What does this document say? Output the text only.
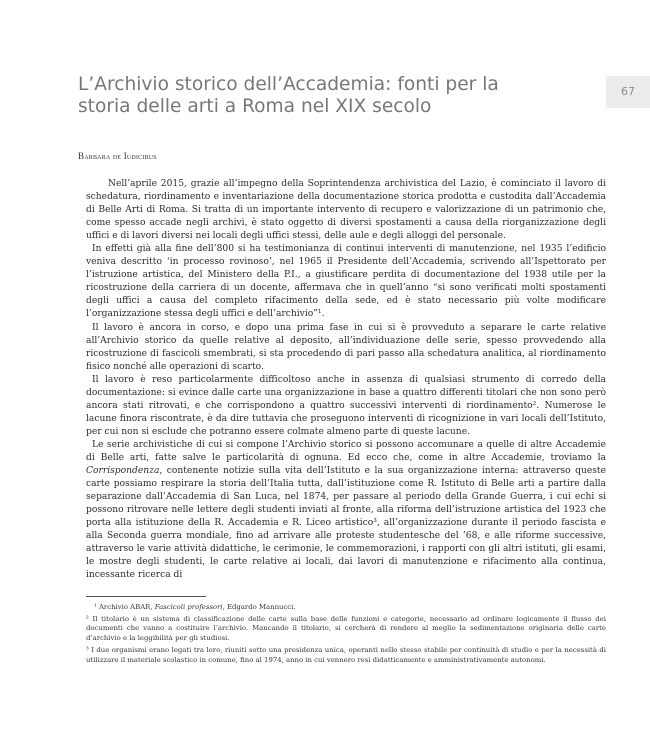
67
L’Archivio storico dell’Accademia: fonti per la
storia delle arti a Roma nel XIX secolo
Barbara de Iudicibus

Nell’aprile 2015, grazie all’impegno della Soprintendenza archivistica del Lazio, è cominciato il lavoro di schedatura, riordinamento e inventariazione della documentazione storica prodotta e custodita dall’Accademia di Belle Arti di Roma. Si tratta di un importante intervento di recupero e valorizzazione di un patrimonio che, come spesso accade negli archivi, è stato oggetto di diversi spostamenti a causa della riorganizzazione degli uffici e di lavori diversi nei locali degli uffici stessi, delle aule e degli alloggi del personale.

In effetti già alla fine dell’800 si ha testimonianza di continui interventi di manutenzione, nel 1935 l’edificio veniva descritto ‘in processo rovinoso’, nel 1965 il Presidente dell’Accademia, scrivendo all’Ispettorato per l’istruzione artistica, del Ministero della P.I., a giustificare perdita di documentazione del 1938 utile per la ricostruzione della carriera di un docente, affermava che in quell’anno “si sono verificati molti spostamenti degli uffici a causa del completo rifacimento della sede, ed è stato necessario più volte modificare l’organizzazione stessa degli uffici e dell’archivio”¹.

Il lavoro è ancora in corso, e dopo una prima fase in cui si è provveduto a separare le carte relative all’Archivio storico da quelle relative al deposito, all’individuazione delle serie, spesso provvedendo alla ricostruzione di fascicoli smembrati, si sta procedendo di pari passo alla schedatura analitica, al riordinamento fisico nonché alle operazioni di scarto.

Il lavoro è reso particolarmente difficoltoso anche in assenza di qualsiasi strumento di corredo della documentazione: si evince dalle carte una organizzazione in base a quattro differenti titolari che non sono però ancora stati ritrovati, e che corrispondono a quattro successivi interventi di riordinamento². Numerose le lacune finora riscontrate, è da dire tuttavia che proseguono interventi di ricognizione in vari locali dell’Istituto, per cui non si esclude che potranno essere colmate almeno parte di queste lacune.

Le serie archivistiche di cui si compone l’Archivio storico si possono accomunare a quelle di altre Accademie di Belle arti, fatte salve le particolarità di ognuna. Ed ecco che, come in altre Accademie, troviamo la Corrispondenza, contenente notizie sulla vita dell’Istituto e la sua organizzazione interna: attraverso queste carte possiamo respirare la storia dell’Italia tutta, dall’istituzione come R. Istituto di Belle arti a partire dalla separazione dall’Accademia di San Luca, nel 1874, per passare al periodo della Grande Guerra, i cui echi si possono ritrovare nelle lettere degli studenti inviati al fronte, alla riforma dell’istruzione artistica del 1923 che porta alla istituzione della R. Accademia e R. Liceo artistico³, all’organizzazione durante il periodo fascista e alla Seconda guerra mondiale, fino ad arrivare alle proteste studentesche del ’68, e alle riforme successive, attraverso le varie attività didattiche, le cerimonie, le commemorazioni, i rapporti con gli altri istituti, gli esami, le mostre degli studenti, le carte relative ai locali, dai lavori di manutenzione e rifacimento alla continua, incessante ricerca di

¹ Archivio ABAR, Fascicoli professori, Edgardo Mannucci.

² Il titolario è un sistema di classificazione delle carte sulla base delle funzioni e categorie, necessario ad ordinare logicamente il flusso dei documenti che vanno a costituire l’archivio. Mancando il titolario, si cercherà di rendere al meglio la sedimentazione originaria delle carte d’archivio e la leggibilità per gli studiosi.

³ I due organismi erano legati tra loro, riuniti sotto una presidenza unica, operanti nello stesso stabile per continuità di studio e per la necessità di utilizzare il materiale scolastico in comune, fino al 1974, anno in cui vennero resi didatticamente e amministrativamente autonomi.
